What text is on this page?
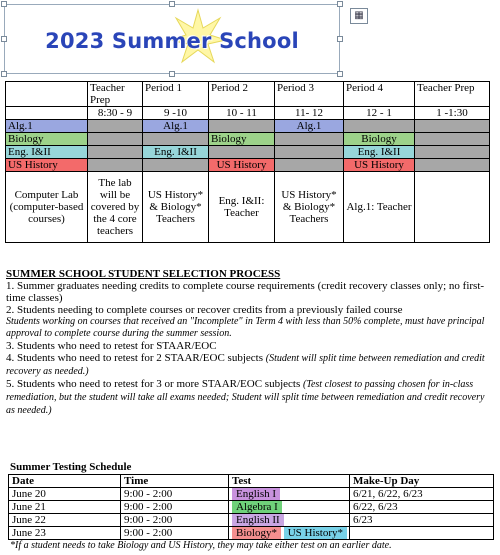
▦
2023 Summer School
	Teacher Prep	Period 1	Period 2	Period 3	Period 4	Teacher Prep
	8:30 - 9	9 -10	10 - 11	11- 12	12 - 1	1 -1:30
Alg.1		Alg.1		Alg.1		
Biology			Biology		Biology	
Eng. I&II		Eng. I&II			Eng. I&II	
US History			US History		US History	
Computer Lab (computer-based courses)	The lab will be covered by the 4 core teachers	US History* & Biology* Teachers	Eng. I&II: Teacher	US History* & Biology* Teachers	Alg.1: Teacher	
SUMMER SCHOOL STUDENT SELECTION PROCESS
1. Summer graduates needing credits to complete course requirements (credit recovery classes only; no first-time classes)
2. Students needing to complete courses or recover credits from a previously failed course
Students working on courses that received an "Incomplete" in Term 4 with less than 50% complete, must have principal approval to complete course during the summer session.
3. Students who need to retest for STAAR/EOC
4. Students who need to retest for 2 STAAR/EOC subjects (Student will split time between remediation and credit recovery as needed.)
5. Students who need to retest for 3 or more STAAR/EOC subjects (Test closest to passing chosen for in-class remediation, but the student will take all exams needed; Student will split time between remediation and credit recovery as needed.)
Summer Testing Schedule
Date	Time	Test	Make-Up Day
June 20	9:00 - 2:00	English I	6/21, 6/22, 6/23
June 21	9:00 - 2:00	Algebra I	6/22, 6/23
June 22	9:00 - 2:00	English II	6/23
June 23	9:00 - 2:00	Biology* US History*	
*If a student needs to take Biology and US History, they may take either test on an earlier date.
